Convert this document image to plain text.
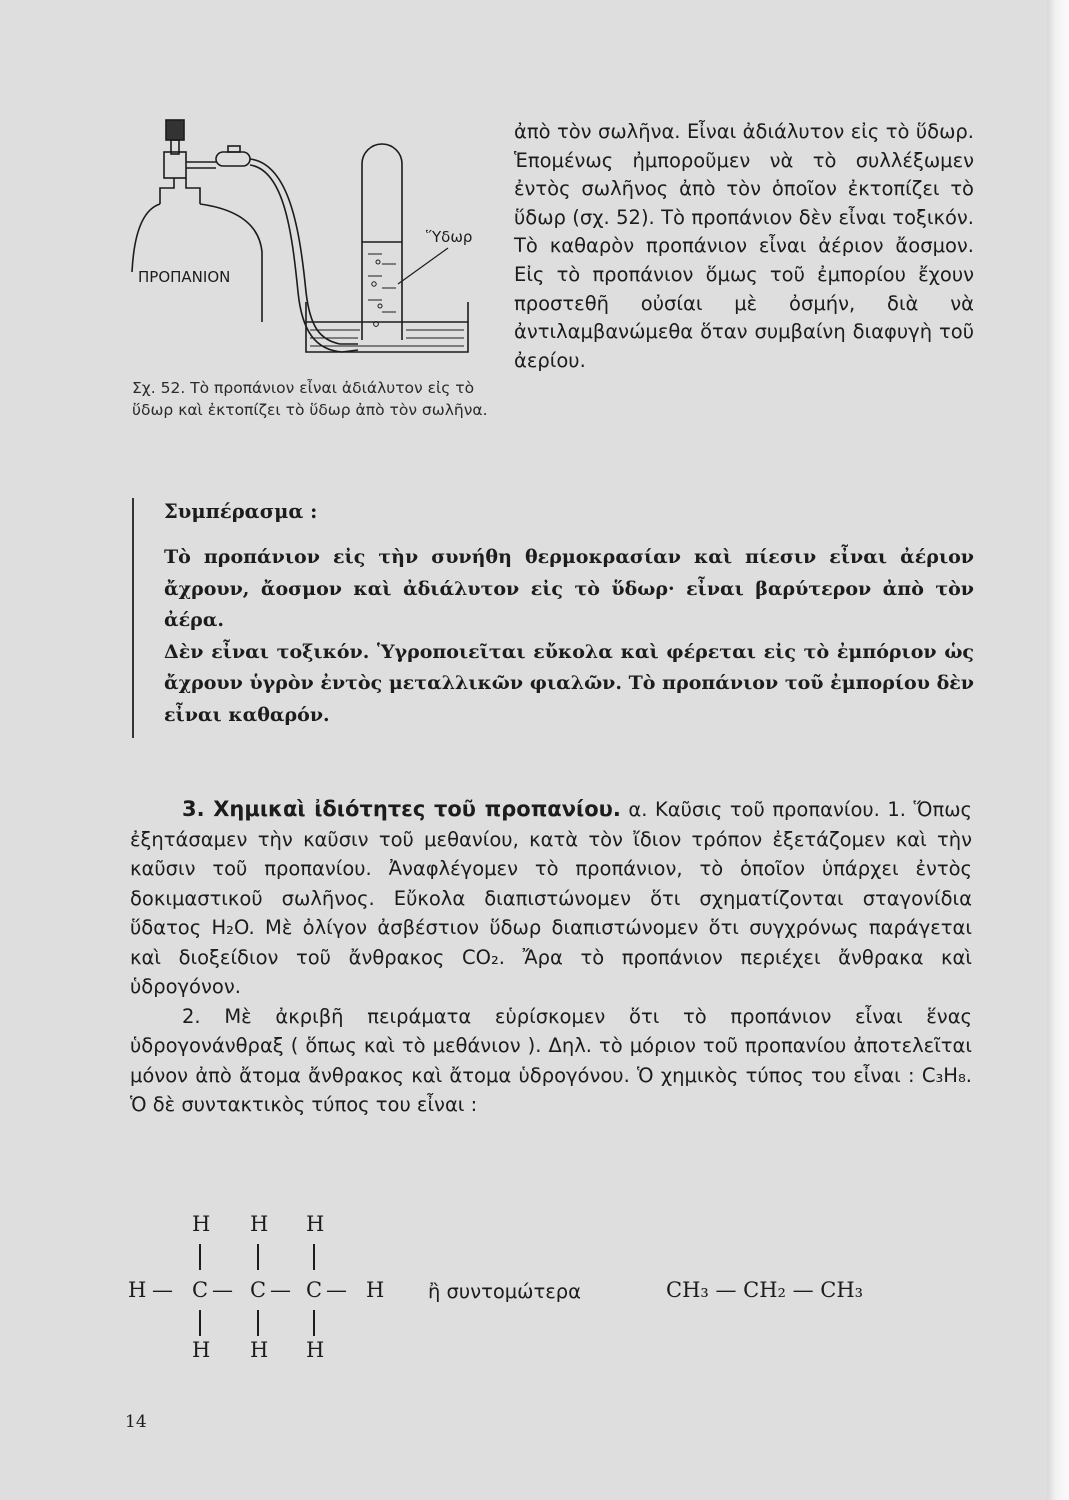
ΠΡΟΠΑΝΙΟΝ
Ὕδωρ
Σχ. 52. Τὸ προπάνιον εἶναι ἀδιάλυτον εἰς τὸ ὕδωρ καὶ ἐκτοπίζει τὸ ὕδωρ ἀπὸ τὸν σωλῆνα.

ἀπὸ τὸν σωλῆνα. Εἶναι ἀδιάλυτον εἰς τὸ ὕδωρ. Ἑπομένως ἠμποροῦμεν νὰ τὸ συλλέξωμεν ἐντὸς σωλῆνος ἀπὸ τὸν ὁποῖον ἐκτοπίζει τὸ ὕδωρ (σχ. 52). Τὸ προπάνιον δὲν εἶναι τοξικόν. Τὸ καθαρὸν προπάνιον εἶναι ἀέριον ἄοσμον. Εἰς τὸ προπάνιον ὅμως τοῦ ἐμπορίου ἔχουν προστεθῆ οὐσίαι μὲ ὀσμήν, διὰ νὰ ἀντιλαμβανώμεθα ὅταν συμβαίνη διαφυγὴ τοῦ ἀερίου.

Συμπέρασμα :

Τὸ προπάνιον εἰς τὴν συνήθη θερμοκρασίαν καὶ πίεσιν εἶναι ἀέριον ἄχρουν, ἄοσμον καὶ ἀδιάλυτον εἰς τὸ ὕδωρ· εἶναι βαρύτερον ἀπὸ τὸν ἀέρα.

Δὲν εἶναι τοξικόν. Ὑγροποιεῖται εὔκολα καὶ φέρεται εἰς τὸ ἐμπόριον ὡς ἄχρουν ὑγρὸν ἐντὸς μεταλλικῶν φιαλῶν. Τὸ προπάνιον τοῦ ἐμπορίου δὲν εἶναι καθαρόν.

3. Χημικαὶ ἰδιότητες τοῦ προπανίου. α. Καῦσις τοῦ προπανίου. 1. Ὅπως ἐξητάσαμεν τὴν καῦσιν τοῦ μεθανίου, κατὰ τὸν ἴδιον τρόπον ἐξετάζομεν καὶ τὴν καῦσιν τοῦ προπανίου. Ἀναφλέγομεν τὸ προπάνιον, τὸ ὁποῖον ὑπάρχει ἐντὸς δοκιμαστικοῦ σωλῆνος. Εὔκολα διαπιστώνομεν ὅτι σχηματίζονται σταγονίδια ὕδατος H₂O. Μὲ ὀλίγον ἀσβέστιον ὕδωρ διαπιστώνομεν ὅτι συγχρόνως παράγεται καὶ διοξείδιον τοῦ ἄνθρακος CO₂. Ἄρα τὸ προπάνιον περιέχει ἄνθρακα καὶ ὑδρογόνον.

2. Μὲ ἀκριβῆ πειράματα εὑρίσκομεν ὅτι τὸ προπάνιον εἶναι ἕνας ὑδρογονάνθραξ ( ὅπως καὶ τὸ μεθάνιον ). Δηλ. τὸ μόριον τοῦ προπανίου ἀποτελεῖται μόνον ἀπὸ ἄτομα ἄνθρακος καὶ ἄτομα ὑδρογόνου. Ὁ χημικὸς τύπος του εἶναι : C₃H₈. Ὁ δὲ συντακτικὸς τύπος του εἶναι :

H H H
H — C — C — C — H
H H H
ἢ συντομώτερα	CH₃ — CH₂ — CH₃
14
